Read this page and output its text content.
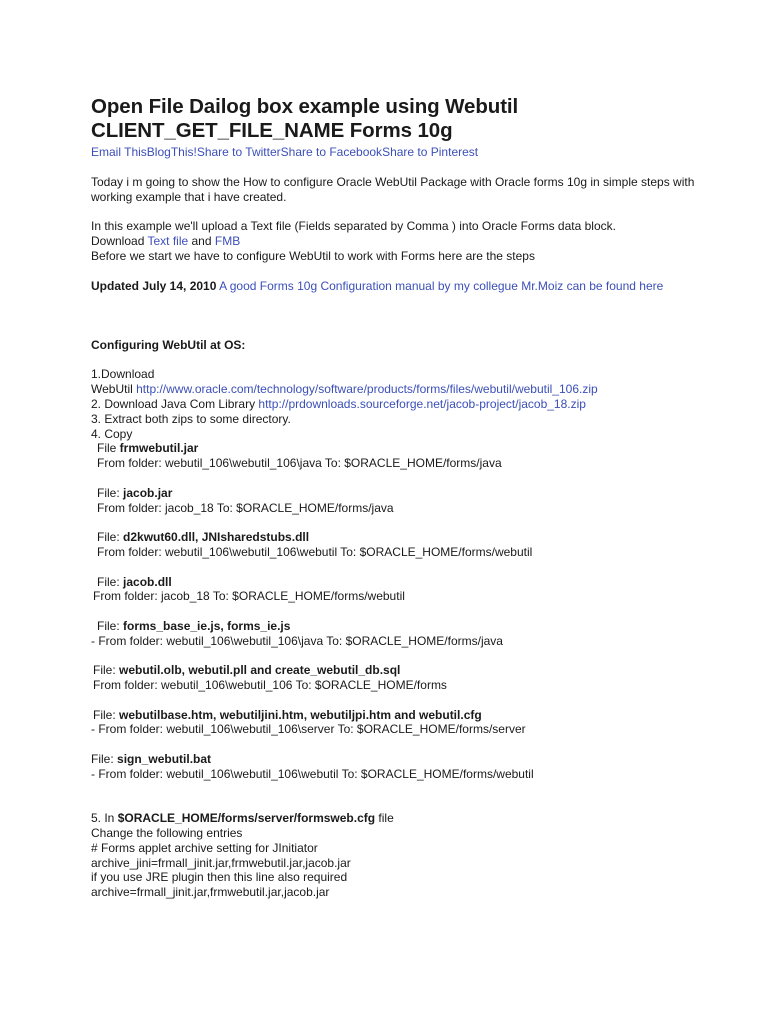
Open File Dailog box example using Webutil
CLIENT_GET_FILE_NAME Forms 10g
Email ThisBlogThis!Share to TwitterShare to FacebookShare to Pinterest

Today i m going to show the How to configure Oracle WebUtil Package with Oracle forms 10g in simple steps with working example that i have created.

In this example we'll upload a Text file (Fields separated by Comma ) into Oracle Forms data block.

Download Text file and FMB

Before we start we have to configure WebUtil to work with Forms here are the steps

Updated July 14, 2010 A good Forms 10g Configuration manual by my collegue Mr.Moiz can be found here

Configuring WebUtil at OS:

1.Download

WebUtil http://www.oracle.com/technology/software/products/forms/files/webutil/webutil_106.zip

2. Download Java Com Library http://prdownloads.sourceforge.net/jacob-project/jacob_18.zip

3. Extract both zips to some directory.

4. Copy

File frmwebutil.jar

From folder: webutil_106\webutil_106\java To: $ORACLE_HOME/forms/java

File: jacob.jar

From folder: jacob_18 To: $ORACLE_HOME/forms/java

File: d2kwut60.dll, JNIsharedstubs.dll

From folder: webutil_106\webutil_106\webutil To: $ORACLE_HOME/forms/webutil

File: jacob.dll

From folder: jacob_18 To: $ORACLE_HOME/forms/webutil

File: forms_base_ie.js, forms_ie.js

- From folder: webutil_106\webutil_106\java To: $ORACLE_HOME/forms/java

File: webutil.olb, webutil.pll and create_webutil_db.sql

From folder: webutil_106\webutil_106 To: $ORACLE_HOME/forms

File: webutilbase.htm, webutiljini.htm, webutiljpi.htm and webutil.cfg

- From folder: webutil_106\webutil_106\server To: $ORACLE_HOME/forms/server

File: sign_webutil.bat

- From folder: webutil_106\webutil_106\webutil To: $ORACLE_HOME/forms/webutil

5. In $ORACLE_HOME/forms/server/formsweb.cfg file

Change the following entries

# Forms applet archive setting for JInitiator

archive_jini=frmall_jinit.jar,frmwebutil.jar,jacob.jar

if you use JRE plugin then this line also required

archive=frmall_jinit.jar,frmwebutil.jar,jacob.jar
